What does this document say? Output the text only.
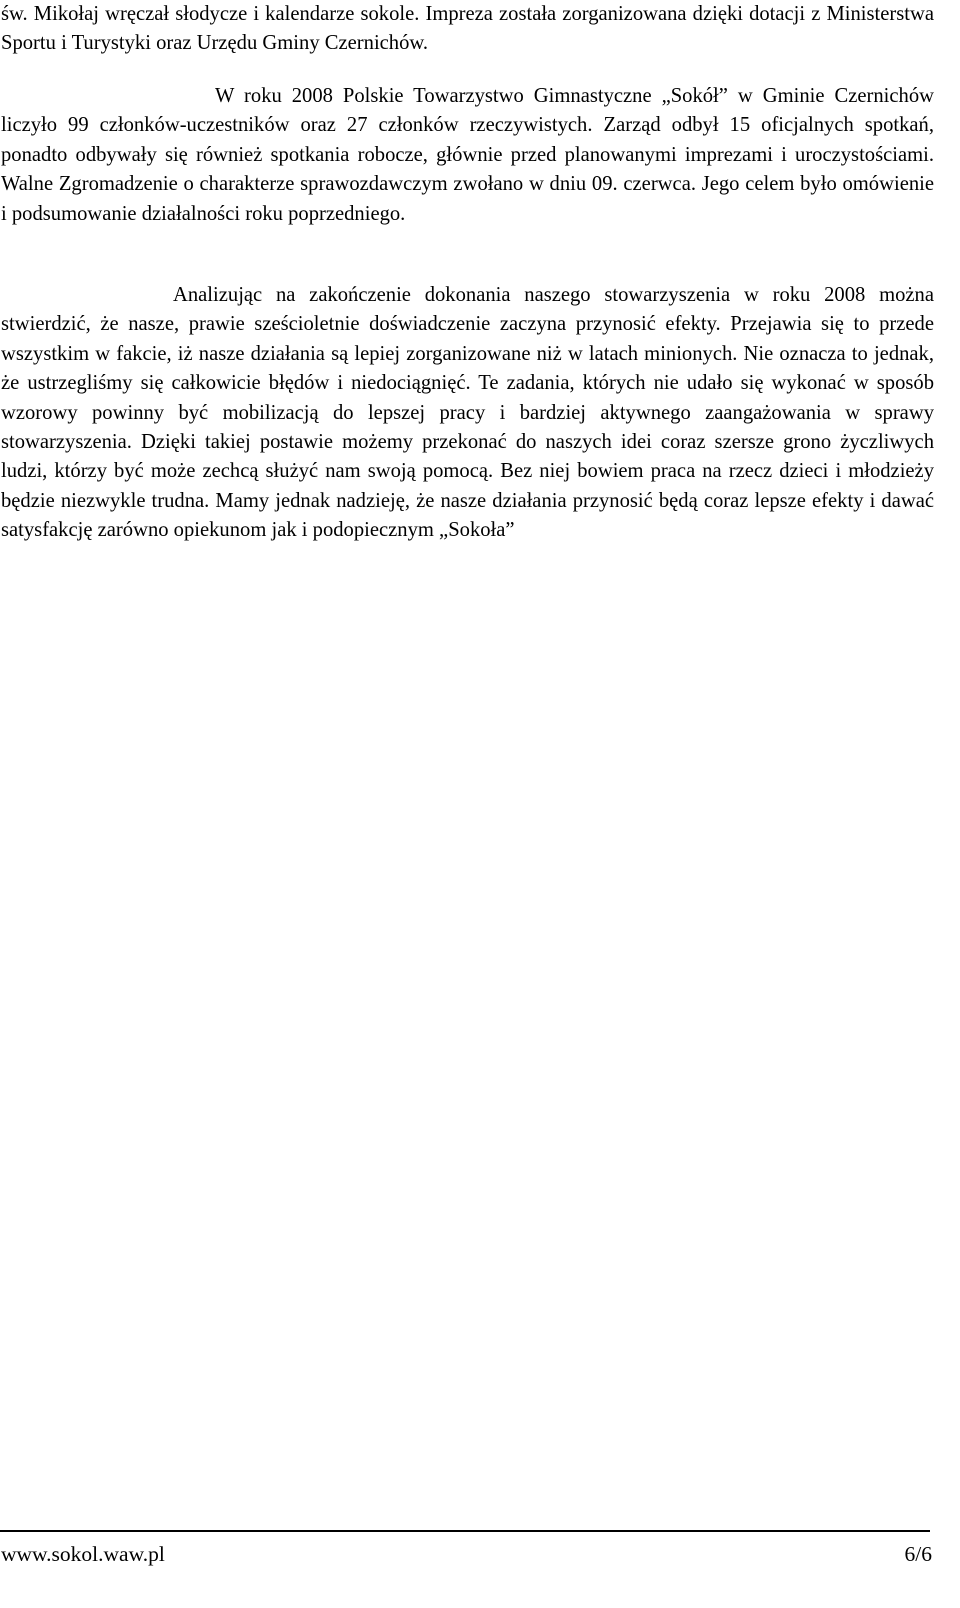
św. Mikołaj wręczał słodycze i kalendarze sokole. Impreza została zorganizowana dzięki dotacji z Ministerstwa Sportu i Turystyki oraz Urzędu Gminy Czernichów.

W roku 2008 Polskie Towarzystwo Gimnastyczne „Sokół” w Gminie Czernichów liczyło 99 członków-uczestników oraz 27 członków rzeczywistych. Zarząd odbył 15 oficjalnych spotkań, ponadto odbywały się również spotkania robocze, głównie przed planowanymi imprezami i uroczystościami. Walne Zgromadzenie o charakterze sprawozdawczym zwołano w dniu 09. czerwca. Jego celem było omówienie i podsumowanie działalności roku poprzedniego.

Analizując na zakończenie dokonania naszego stowarzyszenia w roku 2008 można stwierdzić, że nasze, prawie sześcioletnie doświadczenie zaczyna przynosić efekty. Przejawia się to przede wszystkim w fakcie, iż nasze działania są lepiej zorganizowane niż w latach minionych. Nie oznacza to jednak, że ustrzegliśmy się całkowicie błędów i niedociągnięć. Te zadania, których nie udało się wykonać w sposób wzorowy powinny być mobilizacją do lepszej pracy i bardziej aktywnego zaangażowania w sprawy stowarzyszenia. Dzięki takiej postawie możemy przekonać do naszych idei coraz szersze grono życzliwych ludzi, którzy być może zechcą służyć nam swoją pomocą. Bez niej bowiem praca na rzecz dzieci i młodzieży będzie niezwykle trudna. Mamy jednak nadzieję, że nasze działania przynosić będą coraz lepsze efekty i dawać satysfakcję zarówno opiekunom jak i podopiecznym „Sokoła”

www.sokol.waw.pl	6/6
